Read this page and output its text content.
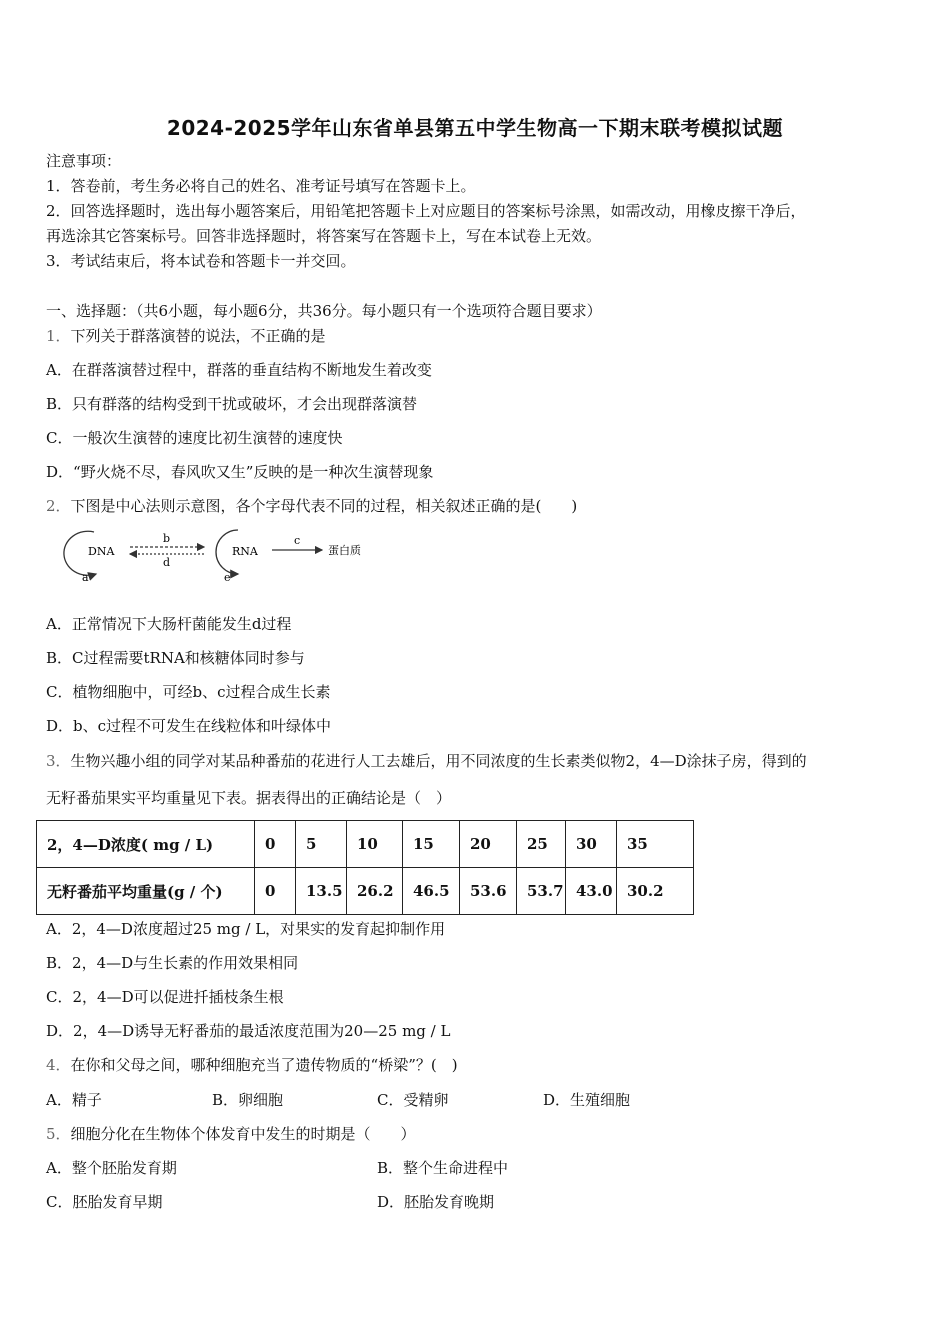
2024-2025学年山东省单县第五中学生物高一下期末联考模拟试题
注意事项：
1．答卷前，考生务必将自己的姓名、准考证号填写在答题卡上。
2．回答选择题时，选出每小题答案后，用铅笔把答题卡上对应题目的答案标号涂黑，如需改动，用橡皮擦干净后，
再选涂其它答案标号。回答非选择题时，将答案写在答题卡上，写在本试卷上无效。
3．考试结束后，将本试卷和答题卡一并交回。
一、选择题：（共6小题，每小题6分，共36分。每小题只有一个选项符合题目要求）
1．下列关于群落演替的说法，不正确的是
A．在群落演替过程中，群落的垂直结构不断地发生着改变
B．只有群落的结构受到干扰或破坏，才会出现群落演替
C．一般次生演替的速度比初生演替的速度快
D．“野火烧不尽，春风吹又生”反映的是一种次生演替现象
2．下图是中心法则示意图，各个字母代表不同的过程，相关叙述正确的是(　　)
DNA
a
b
d
RNA
e
c
蛋白质
A．正常情况下大肠杆菌能发生d过程
B．C过程需要tRNA和核糖体同时参与
C．植物细胞中，可经b、c过程合成生长素
D．b、c过程不可发生在线粒体和叶绿体中
3．生物兴趣小组的同学对某品种番茄的花进行人工去雄后，用不同浓度的生长素类似物2，4—D涂抹子房，得到的
无籽番茄果实平均重量见下表。据表得出的正确结论是（　）
2，4—D浓度( mg / L)	0	5	10	15	20	25	30	35
无籽番茄平均重量(g / 个)	0	13.5	26.2	46.5	53.6	53.7	43.0	30.2
A．2，4—D浓度超过25 mg / L，对果实的发育起抑制作用
B．2，4—D与生长素的作用效果相同
C．2，4—D可以促进扦插枝条生根
D．2，4—D诱导无籽番茄的最适浓度范围为20—25 mg / L
4．在你和父母之间，哪种细胞充当了遗传物质的“桥梁”？(　)
A．精子	B．卵细胞	C．受精卵	D．生殖细胞
5．细胞分化在生物体个体发育中发生的时期是（　　）
A．整个胚胎发育期	B．整个生命进程中
C．胚胎发育早期	D．胚胎发育晚期
